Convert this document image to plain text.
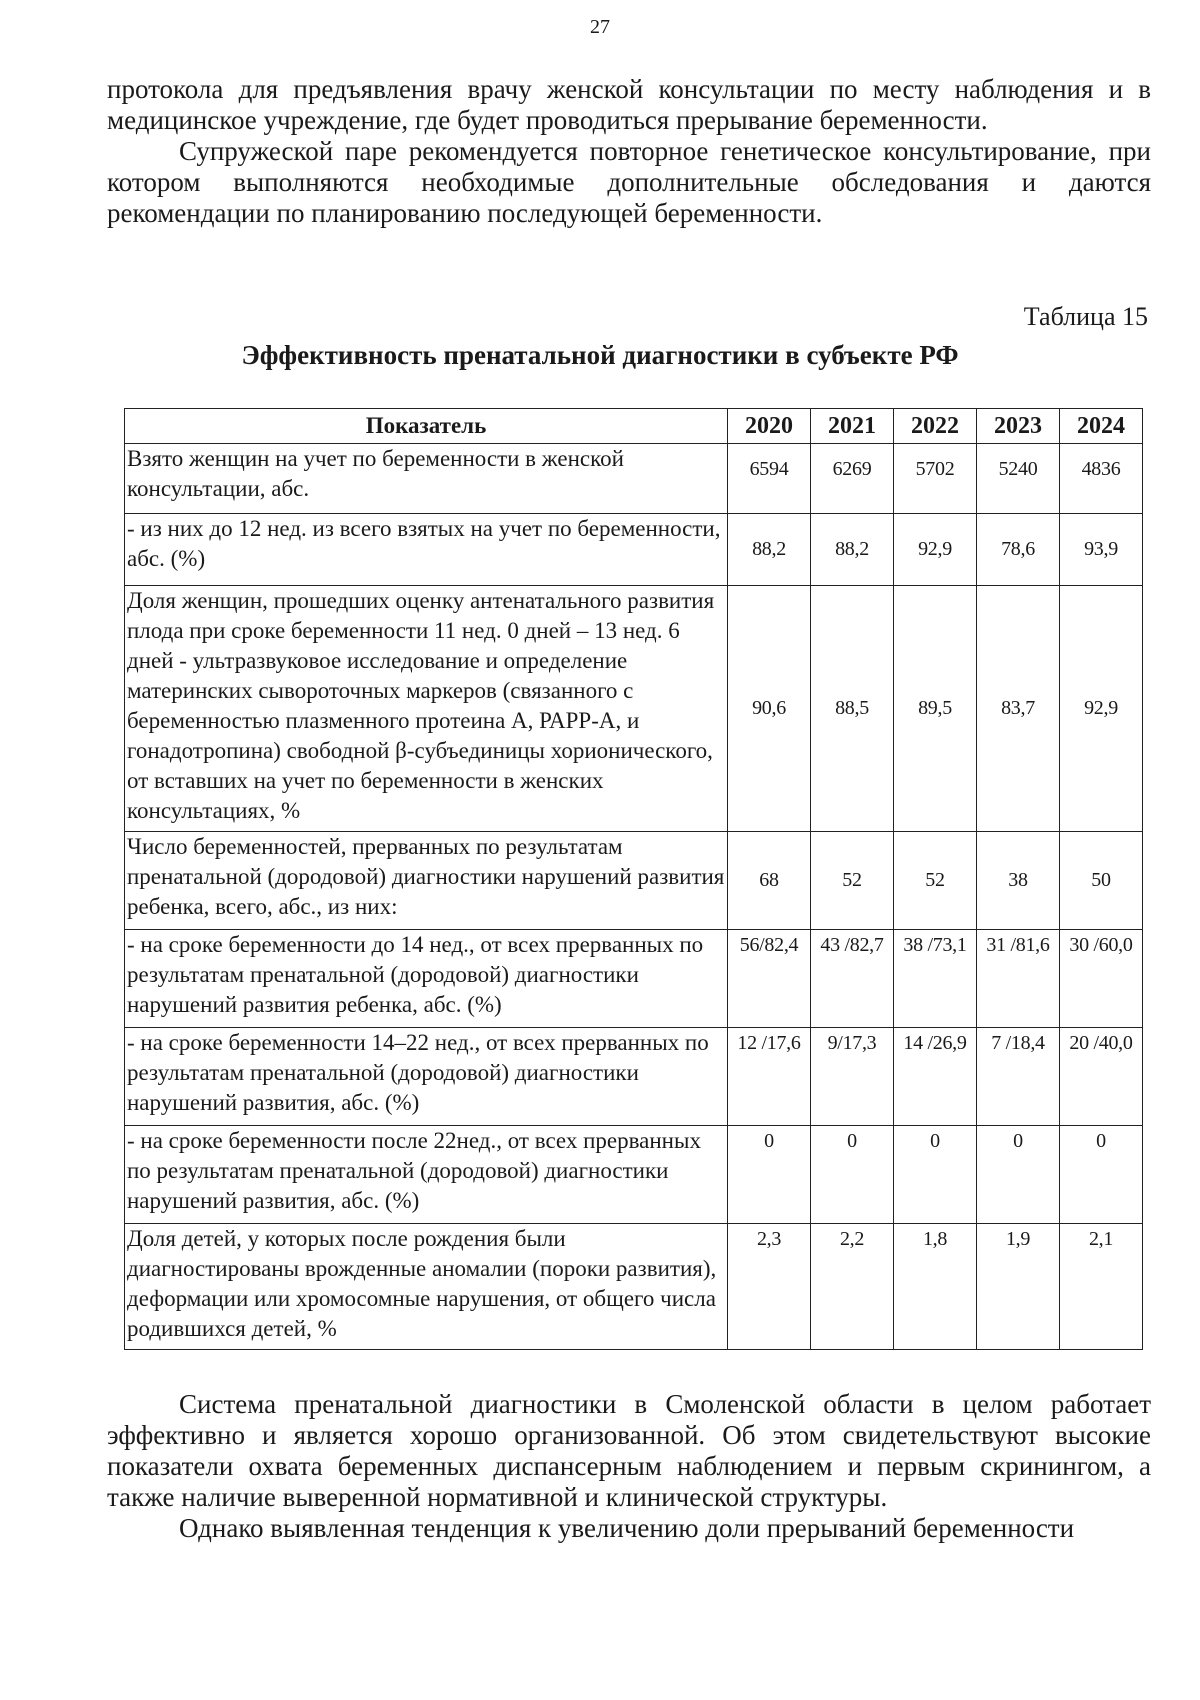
27

протокола для предъявления врачу женской консультации по месту наблюдения и в медицинское учреждение, где будет проводиться прерывание беременности.

Супружеской паре рекомендуется повторное генетическое консультирование, при котором выполняются необходимые дополнительные обследования и даются рекомендации по планированию последующей беременности.

Таблица 15
Эффективность пренатальной диагностики в субъекте РФ
Показатель	2020	2021	2022	2023	2024
Взято женщин на учет по беременности в женской консультации, абс.	6594	6269	5702	5240	4836
- из них до 12 нед. из всего взятых на учет по беременности, абс. (%)	88,2	88,2	92,9	78,6	93,9
Доля женщин, прошедших оценку антенатального развития плода при сроке беременности 11 нед. 0 дней – 13 нед. 6 дней - ультразвуковое исследование и определение материнских сывороточных маркеров (связанного с беременностью плазменного протеина А, РАРР-А, и гонадотропина) свободной β-субъединицы хорионического, от вставших на учет по беременности в женских консультациях, %	90,6	88,5	89,5	83,7	92,9
Число беременностей, прерванных по результатам пренатальной (дородовой) диагностики нарушений развития ребенка, всего, абс., из них:	68	52	52	38	50
- на сроке беременности до 14 нед., от всех прерванных по результатам пренатальной (дородовой) диагностики нарушений развития ребенка, абс. (%)	56/82,4	43 /82,7	38 /73,1	31 /81,6	30 /60,0
- на сроке беременности 14–22 нед., от всех прерванных по результатам пренатальной (дородовой) диагностики нарушений развития, абс. (%)	12 /17,6	9/17,3	14 /26,9	7 /18,4	20 /40,0
- на сроке беременности после 22нед., от всех прерванных по результатам пренатальной (дородовой) диагностики нарушений развития, абс. (%)	0	0	0	0	0
Доля детей, у которых после рождения были диагностированы врожденные аномалии (пороки развития), деформации или хромосомные нарушения, от общего числа родившихся детей, %	2,3	2,2	1,8	1,9	2,1

Система пренатальной диагностики в Смоленской области в целом работает эффективно и является хорошо организованной. Об этом свидетельствуют высокие показатели охвата беременных диспансерным наблюдением и первым скринингом, а также наличие выверенной нормативной и клинической структуры.

Однако выявленная тенденция к увеличению доли прерываний беременности
